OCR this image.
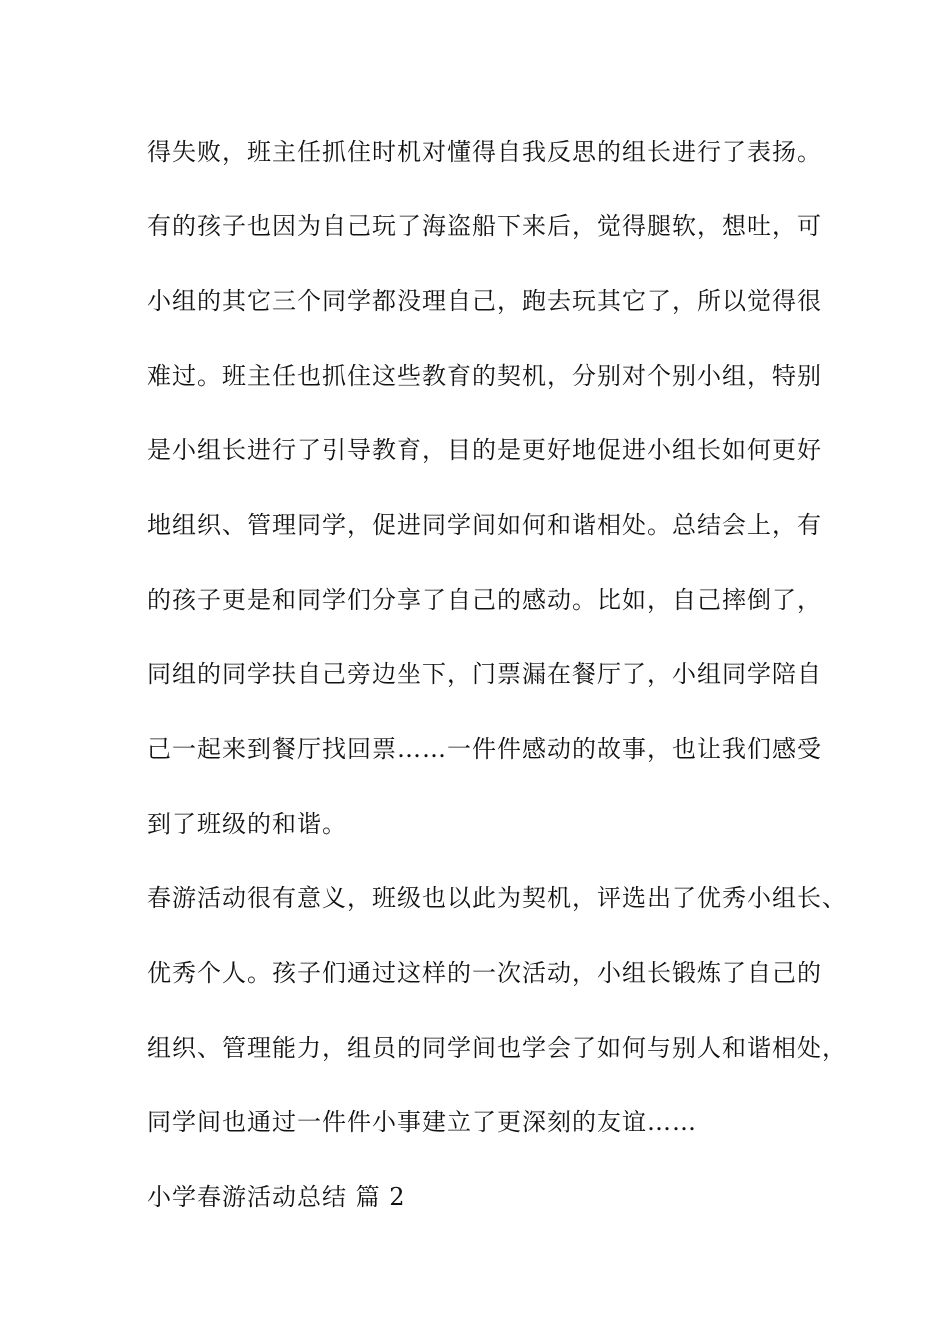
得失败，班主任抓住时机对懂得自我反思的组长进行了表扬。
有的孩子也因为自己玩了海盗船下来后，觉得腿软，想吐，可
小组的其它三个同学都没理自己，跑去玩其它了，所以觉得很
难过。班主任也抓住这些教育的契机，分别对个别小组，特别
是小组长进行了引导教育，目的是更好地促进小组长如何更好
地组织、管理同学，促进同学间如何和谐相处。总结会上，有
的孩子更是和同学们分享了自己的感动。比如，自己摔倒了，
同组的同学扶自己旁边坐下，门票漏在餐厅了，小组同学陪自
己一起来到餐厅找回票……一件件感动的故事，也让我们感受
到了班级的和谐。
春游活动很有意义，班级也以此为契机，评选出了优秀小组长、
优秀个人。孩子们通过这样的一次活动，小组长锻炼了自己的
组织、管理能力，组员的同学间也学会了如何与别人和谐相处，
同学间也通过一件件小事建立了更深刻的友谊……
小学春游活动总结 篇 2
